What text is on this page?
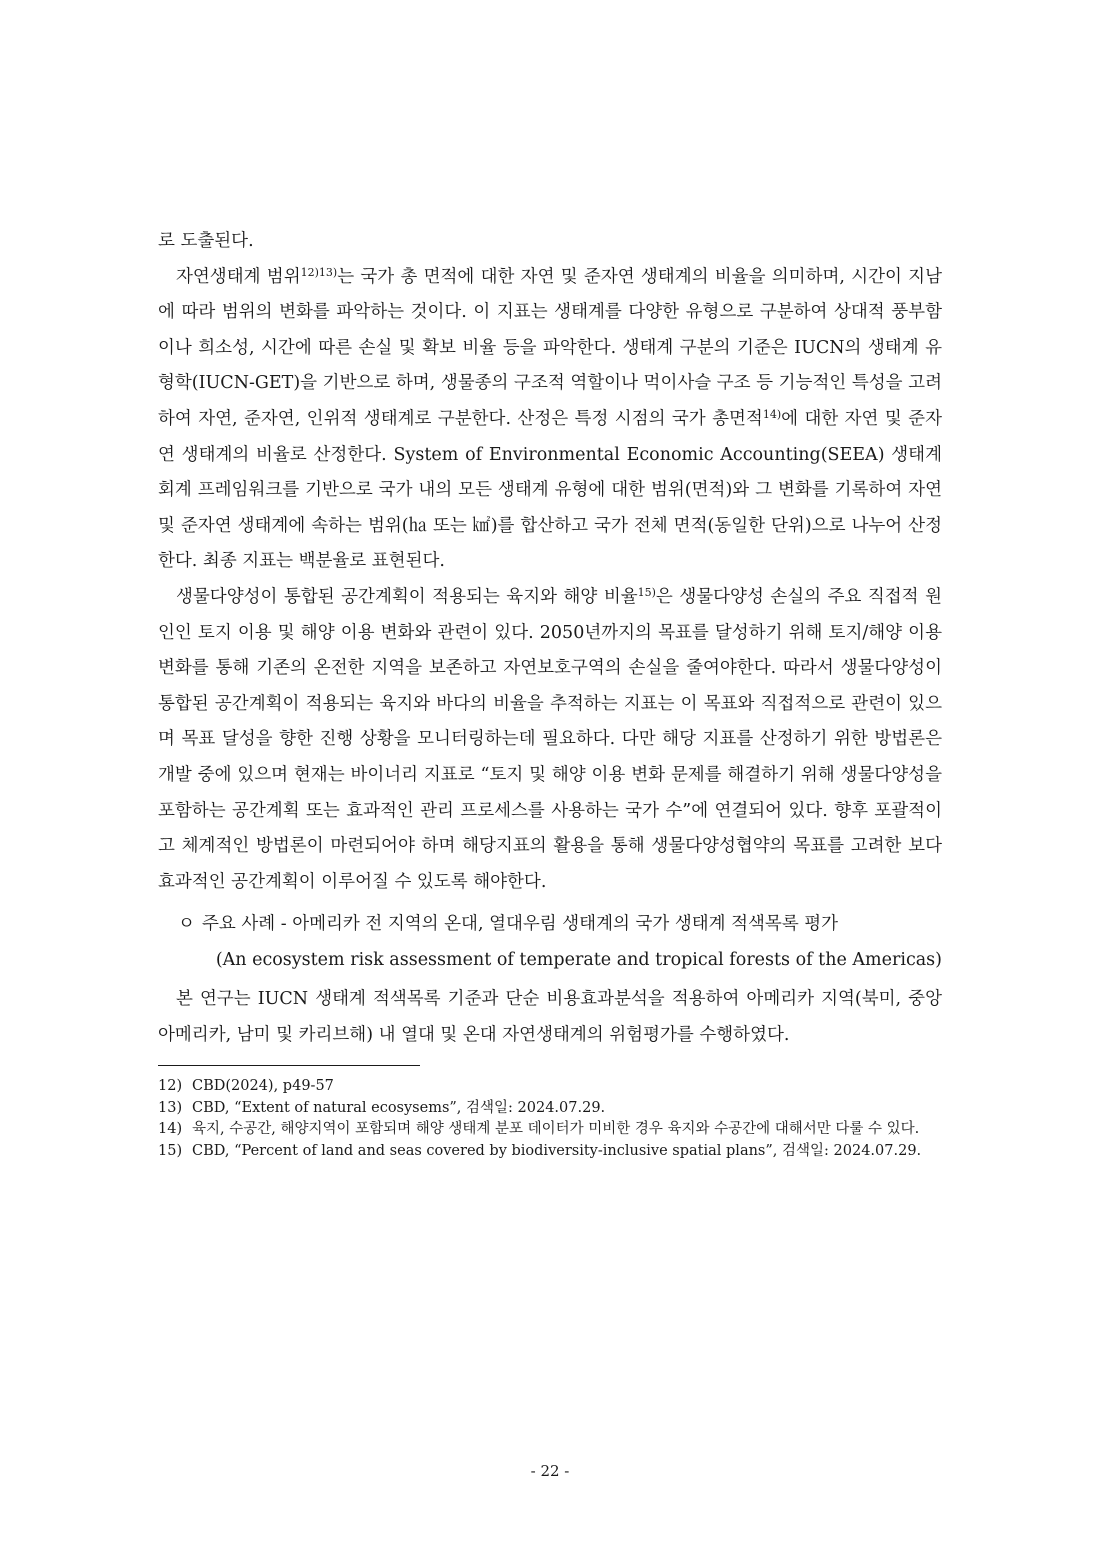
로 도출된다.

자연생태계 범위$^{12)13)}$는 국가 총 면적에 대한 자연 및 준자연 생태계의 비율을 의미하며, 시간이 지남에 따라 범위의 변화를 파악하는 것이다. 이 지표는 생태계를 다양한 유형으로 구분하여 상대적 풍부함이나 희소성, 시간에 따른 손실 및 확보 비율 등을 파악한다. 생태계 구분의 기준은 IUCN의 생태계 유형학(IUCN-GET)을 기반으로 하며, 생물종의 구조적 역할이나 먹이사슬 구조 등 기능적인 특성을 고려하여 자연, 준자연, 인위적 생태계로 구분한다. 산정은 특정 시점의 국가 총면적$^{14)}$에 대한 자연 및 준자연 생태계의 비율로 산정한다. System of Environmental Economic Accounting(SEEA) 생태계 회계 프레임워크를 기반으로 국가 내의 모든 생태계 유형에 대한 범위(면적)와 그 변화를 기록하여 자연 및 준자연 생태계에 속하는 범위(㏊ 또는 ㎢)를 합산하고 국가 전체 면적(동일한 단위)으로 나누어 산정한다. 최종 지표는 백분율로 표현된다.

생물다양성이 통합된 공간계획이 적용되는 육지와 해양 비율$^{15)}$은 생물다양성 손실의 주요 직접적 원인인 토지 이용 및 해양 이용 변화와 관련이 있다. 2050년까지의 목표를 달성하기 위해 토지/해양 이용 변화를 통해 기존의 온전한 지역을 보존하고 자연보호구역의 손실을 줄여야한다. 따라서 생물다양성이 통합된 공간계획이 적용되는 육지와 바다의 비율을 추적하는 지표는 이 목표와 직접적으로 관련이 있으며 목표 달성을 향한 진행 상황을 모니터링하는데 필요하다. 다만 해당 지표를 산정하기 위한 방법론은 개발 중에 있으며 현재는 바이너리 지표로 “토지 및 해양 이용 변화 문제를 해결하기 위해 생물다양성을 포함하는 공간계획 또는 효과적인 관리 프로세스를 사용하는 국가 수”에 연결되어 있다. 향후 포괄적이고 체계적인 방법론이 마련되어야 하며 해당지표의 활용을 통해 생물다양성협약의 목표를 고려한 보다 효과적인 공간계획이 이루어질 수 있도록 해야한다.

ㅇ 주요 사례 - 아메리카 전 지역의 온대, 열대우림 생태계의 국가 생태계 적색목록 평가
(An ecosystem risk assessment of temperate and tropical forests of the Americas)

본 연구는 IUCN 생태계 적색목록 기준과 단순 비용효과분석을 적용하여 아메리카 지역(북미, 중앙아메리카, 남미 및 카리브해) 내 열대 및 온대 자연생태계의 위험평가를 수행하였다.

12) CBD(2024), p49-57
13) CBD, “Extent of natural ecosysems”, 검색일: 2024.07.29.
14) 육지, 수공간, 해양지역이 포함되며 해양 생태계 분포 데이터가 미비한 경우 육지와 수공간에 대해서만 다룰 수 있다.
15) CBD, “Percent of land and seas covered by biodiversity-inclusive spatial plans”, 검색일: 2024.07.29.
- 22 -
